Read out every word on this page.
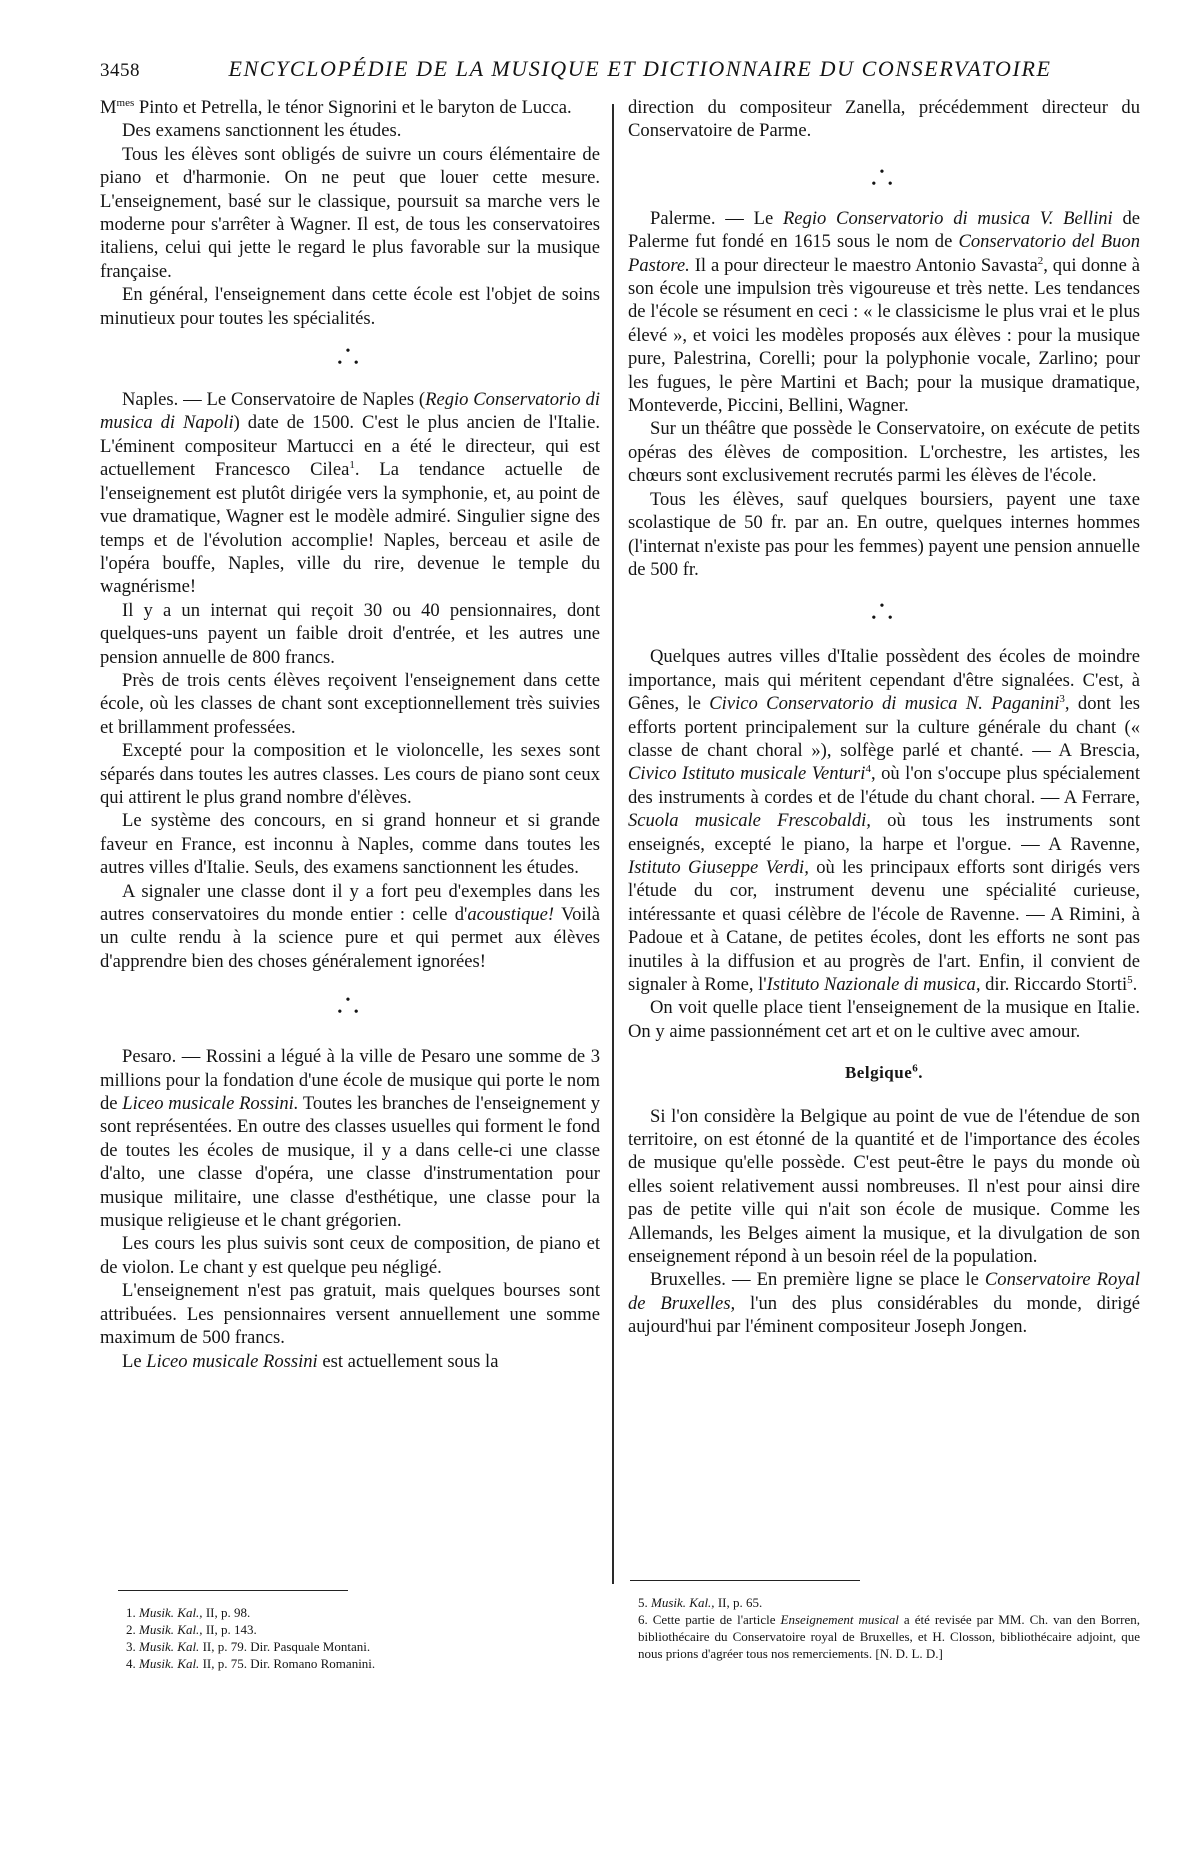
3458	ENCYCLOPÉDIE DE LA MUSIQUE ET DICTIONNAIRE DU CONSERVATOIRE

$M^{mes}$ Pinto et Petrella, le ténor Signorini et le baryton de Lucca.

Des examens sanctionnent les études.

Tous les élèves sont obligés de suivre un cours élémentaire de piano et d'harmonie. On ne peut que louer cette mesure. L'enseignement, basé sur le classique, poursuit sa marche vers le moderne pour s'arrêter à Wagner. Il est, de tous les conservatoires italiens, celui qui jette le regard le plus favorable sur la musique française.

En général, l'enseignement dans cette école est l'objet de soins minutieux pour toutes les spécialités.

•
• •

Naples. — Le Conservatoire de Naples (Regio Conservatorio di musica di Napoli) date de 1500. C'est le plus ancien de l'Italie. L'éminent compositeur Martucci en a été le directeur, qui est actuellement Francesco Cilea$^1$. La tendance actuelle de l'enseignement est plutôt dirigée vers la symphonie, et, au point de vue dramatique, Wagner est le modèle admiré. Singulier signe des temps et de l'évolution accomplie! Naples, berceau et asile de l'opéra bouffe, Naples, ville du rire, devenue le temple du wagnérisme!

Il y a un internat qui reçoit 30 ou 40 pensionnaires, dont quelques-uns payent un faible droit d'entrée, et les autres une pension annuelle de 800 francs.

Près de trois cents élèves reçoivent l'enseignement dans cette école, où les classes de chant sont exceptionnellement très suivies et brillamment professées.

Excepté pour la composition et le violoncelle, les sexes sont séparés dans toutes les autres classes. Les cours de piano sont ceux qui attirent le plus grand nombre d'élèves.

Le système des concours, en si grand honneur et si grande faveur en France, est inconnu à Naples, comme dans toutes les autres villes d'Italie. Seuls, des examens sanctionnent les études.

A signaler une classe dont il y a fort peu d'exemples dans les autres conservatoires du monde entier : celle d'acoustique! Voilà un culte rendu à la science pure et qui permet aux élèves d'apprendre bien des choses généralement ignorées!

•
• •

Pesaro. — Rossini a légué à la ville de Pesaro une somme de 3 millions pour la fondation d'une école de musique qui porte le nom de Liceo musicale Rossini. Toutes les branches de l'enseignement y sont représentées. En outre des classes usuelles qui forment le fond de toutes les écoles de musique, il y a dans celle-ci une classe d'alto, une classe d'opéra, une classe d'instrumentation pour musique militaire, une classe d'esthétique, une classe pour la musique religieuse et le chant grégorien.

Les cours les plus suivis sont ceux de composition, de piano et de violon. Le chant y est quelque peu négligé.

L'enseignement n'est pas gratuit, mais quelques bourses sont attribuées. Les pensionnaires versent annuellement une somme maximum de 500 francs.

Le Liceo musicale Rossini est actuellement sous la

1. Musik. Kal., II, p. 98.
2. Musik. Kal., II, p. 143.
3. Musik. Kal. II, p. 79. Dir. Pasquale Montani.
4. Musik. Kal. II, p. 75. Dir. Romano Romanini.

direction du compositeur Zanella, précédemment directeur du Conservatoire de Parme.

•
• •

Palerme. — Le Regio Conservatorio di musica V. Bellini de Palerme fut fondé en 1615 sous le nom de Conservatorio del Buon Pastore. Il a pour directeur le maestro Antonio Savasta$^2$, qui donne à son école une impulsion très vigoureuse et très nette. Les tendances de l'école se résument en ceci : « le classicisme le plus vrai et le plus élevé », et voici les modèles proposés aux élèves : pour la musique pure, Palestrina, Corelli; pour la polyphonie vocale, Zarlino; pour les fugues, le père Martini et Bach; pour la musique dramatique, Monteverde, Piccini, Bellini, Wagner.

Sur un théâtre que possède le Conservatoire, on exécute de petits opéras des élèves de composition. L'orchestre, les artistes, les chœurs sont exclusivement recrutés parmi les élèves de l'école.

Tous les élèves, sauf quelques boursiers, payent une taxe scolastique de 50 fr. par an. En outre, quelques internes hommes (l'internat n'existe pas pour les femmes) payent une pension annuelle de 500 fr.

•
• •

Quelques autres villes d'Italie possèdent des écoles de moindre importance, mais qui méritent cependant d'être signalées. C'est, à Gênes, le Civico Conservatorio di musica N. Paganini$^3$, dont les efforts portent principalement sur la culture générale du chant (« classe de chant choral »), solfège parlé et chanté. — A Brescia, Civico Istituto musicale Venturi$^4$, où l'on s'occupe plus spécialement des instruments à cordes et de l'étude du chant choral. — A Ferrare, Scuola musicale Frescobaldi, où tous les instruments sont enseignés, excepté le piano, la harpe et l'orgue. — A Ravenne, Istituto Giuseppe Verdi, où les principaux efforts sont dirigés vers l'étude du cor, instrument devenu une spécialité curieuse, intéressante et quasi célèbre de l'école de Ravenne. — A Rimini, à Padoue et à Catane, de petites écoles, dont les efforts ne sont pas inutiles à la diffusion et au progrès de l'art. Enfin, il convient de signaler à Rome, l'Istituto Nazionale di musica, dir. Riccardo Storti$^5$.

On voit quelle place tient l'enseignement de la musique en Italie. On y aime passionnément cet art et on le cultive avec amour.

Belgique$^6$.

Si l'on considère la Belgique au point de vue de l'étendue de son territoire, on est étonné de la quantité et de l'importance des écoles de musique qu'elle possède. C'est peut-être le pays du monde où elles soient relativement aussi nombreuses. Il n'est pour ainsi dire pas de petite ville qui n'ait son école de musique. Comme les Allemands, les Belges aiment la musique, et la divulgation de son enseignement répond à un besoin réel de la population.

Bruxelles. — En première ligne se place le Conservatoire Royal de Bruxelles, l'un des plus considérables du monde, dirigé aujourd'hui par l'éminent compositeur Joseph Jongen.

5. Musik. Kal., II, p. 65.
6. Cette partie de l'article Enseignement musical a été revisée par MM. Ch. van den Borren, bibliothécaire du Conservatoire royal de Bruxelles, et H. Closson, bibliothécaire adjoint, que nous prions d'agréer tous nos remerciements. [N. D. L. D.]
